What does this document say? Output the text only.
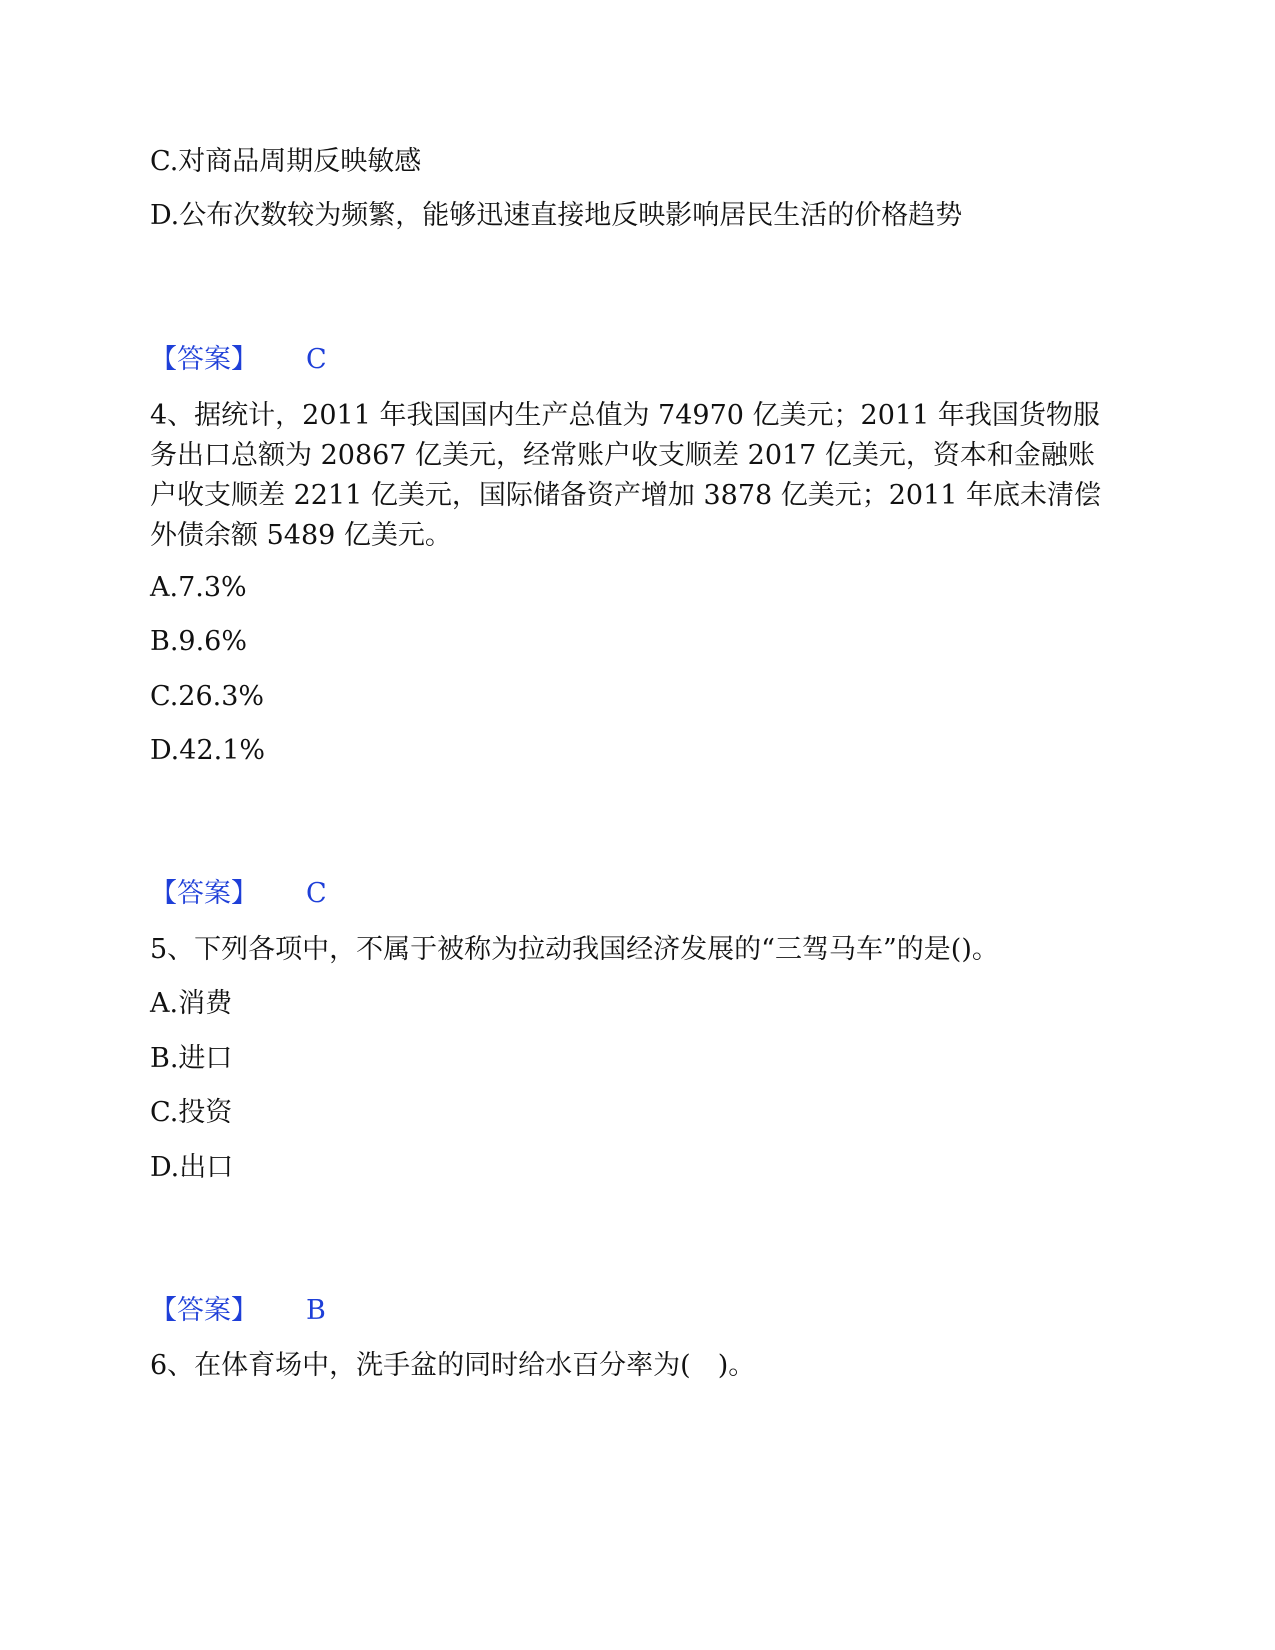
C.对商品周期反映敏感
D.公布次数较为频繁，能够迅速直接地反映影响居民生活的价格趋势
【答案】 C
4、据统计，2011 年我国国内生产总值为 74970 亿美元；2011 年我国货物服务出口总额为 20867 亿美元，经常账户收支顺差 2017 亿美元，资本和金融账户收支顺差 2211 亿美元，国际储备资产增加 3878 亿美元；2011 年底未清偿外债余额 5489 亿美元。
A.7.3%
B.9.6%
C.26.3%
D.42.1%
【答案】 C
5、下列各项中，不属于被称为拉动我国经济发展的“三驾马车”的是()。
A.消费
B.进口
C.投资
D.出口
【答案】 B
6、在体育场中，洗手盆的同时给水百分率为(　)。
